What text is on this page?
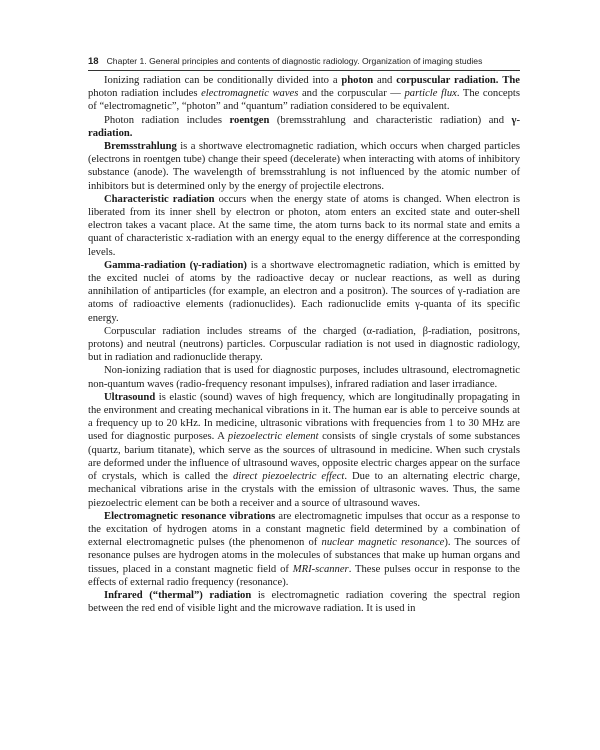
18 Chapter 1. General principles and contents of diagnostic radiology. Organization of imaging studies

Ionizing radiation can be conditionally divided into a photon and corpuscular radiation. The photon radiation includes electromagnetic waves and the corpuscular — particle flux. The concepts of “electromagnetic”, “photon” and “quantum” radiation considered to be equivalent.

Photon radiation includes roentgen (bremsstrahlung and characteristic radiation) and γ-radiation.

Bremsstrahlung is a shortwave electromagnetic radiation, which occurs when charged particles (electrons in roentgen tube) change their speed (decelerate) when interacting with atoms of inhibitory substance (anode). The wavelength of bremsstrahlung is not influenced by the atomic number of inhibitors but is determined only by the energy of projectile electrons.

Characteristic radiation occurs when the energy state of atoms is changed. When electron is liberated from its inner shell by electron or photon, atom enters an excited state and outer-shell electron takes a vacant place. At the same time, the atom turns back to its normal state and emits a quant of characteristic x-radiation with an energy equal to the energy difference at the corresponding levels.

Gamma-radiation (γ-radiation) is a shortwave electromagnetic radiation, which is emitted by the excited nuclei of atoms by the radioactive decay or nuclear reactions, as well as during annihilation of antiparticles (for example, an electron and a positron). The sources of γ-radiation are atoms of radioactive elements (radionuclides). Each radionuclide emits γ-quanta of its specific energy.

Corpuscular radiation includes streams of the charged (α-radiation, β-radiation, positrons, protons) and neutral (neutrons) particles. Corpuscular radiation is not used in diagnostic radiology, but in radiation and radionuclide therapy.

Non-ionizing radiation that is used for diagnostic purposes, includes ultrasound, electromagnetic non-quantum waves (radio-frequency resonant impulses), infrared radiation and laser irradiance.

Ultrasound is elastic (sound) waves of high frequency, which are longitudinally propagating in the environment and creating mechanical vibrations in it. The human ear is able to perceive sounds at a frequency up to 20 kHz. In medicine, ultrasonic vibrations with frequencies from 1 to 30 MHz are used for diagnostic purposes. A piezoelectric element consists of single crystals of some substances (quartz, barium titanate), which serve as the sources of ultrasound in medicine. When such crystals are deformed under the influence of ultrasound waves, opposite electric charges appear on the surface of crystals, which is called the direct piezoelectric effect. Due to an alternating electric charge, mechanical vibrations arise in the crystals with the emission of ultrasonic waves. Thus, the same piezoelectric element can be both a receiver and a source of ultrasound waves.

Electromagnetic resonance vibrations are electromagnetic impulses that occur as a response to the excitation of hydrogen atoms in a constant magnetic field determined by a combination of external electromagnetic pulses (the phenomenon of nuclear magnetic resonance). The sources of resonance pulses are hydrogen atoms in the molecules of substances that make up human organs and tissues, placed in a constant magnetic field of MRI-scanner. These pulses occur in response to the effects of external radio frequency (resonance).

Infrared (“thermal”) radiation is electromagnetic radiation covering the spectral region between the red end of visible light and the microwave radiation. It is used in
